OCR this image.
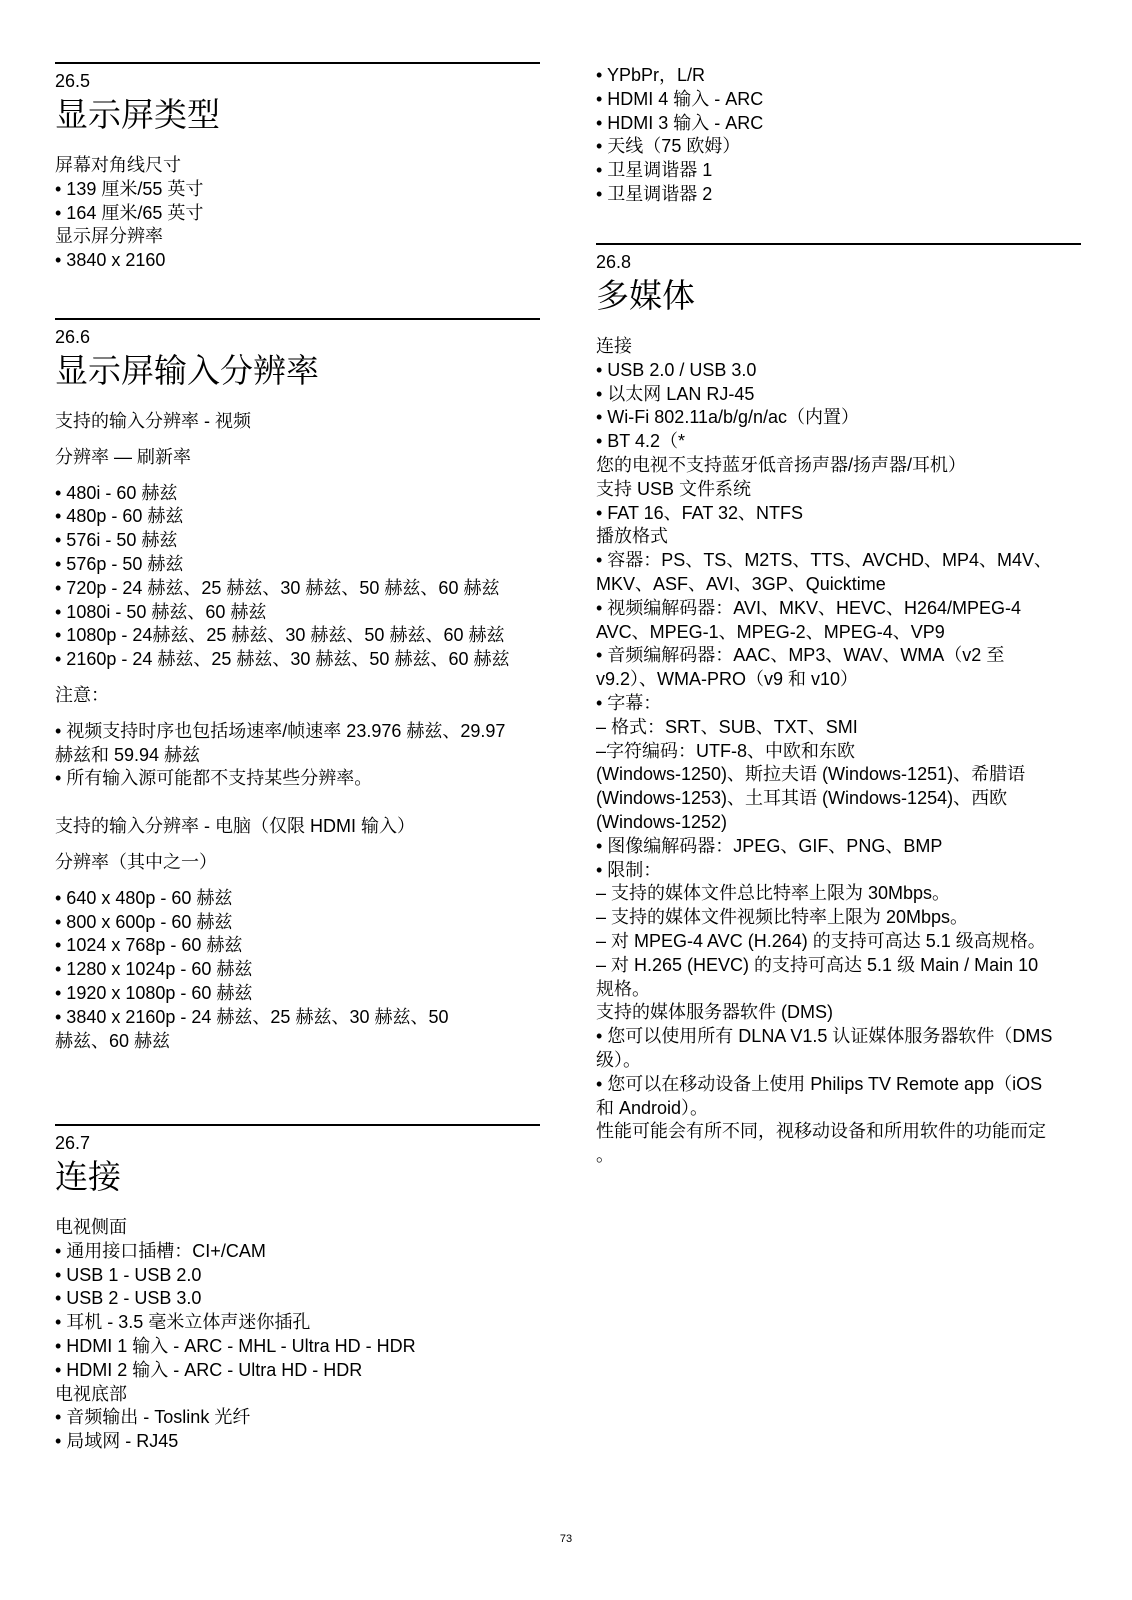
26.5
显示屏类型
屏幕对角线尺寸
• 139 厘米/55 英寸
• 164 厘米/65 英寸
显示屏分辨率
• 3840 x 2160
26.6
显示屏输入分辨率
支持的输入分辨率 - 视频
分辨率 — 刷新率
• 480i - 60 赫兹
• 480p - 60 赫兹
• 576i - 50 赫兹
• 576p - 50 赫兹
• 720p - 24 赫兹、25 赫兹、30 赫兹、50 赫兹、60 赫兹
• 1080i - 50 赫兹、60 赫兹
• 1080p - 24赫兹、25 赫兹、30 赫兹、50 赫兹、60 赫兹
• 2160p - 24 赫兹、25 赫兹、30 赫兹、50 赫兹、60 赫兹
注意：
• 视频支持时序也包括场速率/帧速率 23.976 赫兹、29.97
赫兹和 59.94 赫兹
• 所有输入源可能都不支持某些分辨率。
支持的输入分辨率 - 电脑（仅限 HDMI 输入）
分辨率（其中之一）
• 640 x 480p - 60 赫兹
• 800 x 600p - 60 赫兹
• 1024 x 768p - 60 赫兹
• 1280 x 1024p - 60 赫兹
• 1920 x 1080p - 60 赫兹
• 3840 x 2160p - 24 赫兹、25 赫兹、30 赫兹、50
赫兹、60 赫兹
26.7
连接
电视侧面
• 通用接口插槽：CI+/CAM
• USB 1 - USB 2.0
• USB 2 - USB 3.0
• 耳机 - 3.5 毫米立体声迷你插孔
• HDMI 1 输入 - ARC - MHL - Ultra HD - HDR
• HDMI 2 输入 - ARC - Ultra HD - HDR
电视底部
• 音频输出 - Toslink 光纤
• 局域网 - RJ45
• YPbPr，L/R
• HDMI 4 输入 - ARC
• HDMI 3 输入 - ARC
• 天线（75 欧姆）
• 卫星调谐器 1
• 卫星调谐器 2
26.8
多媒体
连接
• USB 2.0 / USB 3.0
• 以太网 LAN RJ-45
• Wi-Fi 802.11a/b/g/n/ac（内置）
• BT 4.2（*
您的电视不支持蓝牙低音扬声器/扬声器/耳机）
支持 USB 文件系统
• FAT 16、FAT 32、NTFS
播放格式
• 容器：PS、TS、M2TS、TTS、AVCHD、MP4、M4V、
MKV、ASF、AVI、3GP、Quicktime
• 视频编解码器：AVI、MKV、HEVC、H264/MPEG-4
AVC、MPEG-1、MPEG-2、MPEG-4、VP9
• 音频编解码器：AAC、MP3、WAV、WMA（v2 至
v9.2）、WMA-PRO（v9 和 v10）
• 字幕：
– 格式：SRT、SUB、TXT、SMI
–字符编码：UTF-8、中欧和东欧
(Windows-1250)、斯拉夫语 (Windows-1251)、希腊语
(Windows-1253)、土耳其语 (Windows-1254)、西欧
(Windows-1252)
• 图像编解码器：JPEG、GIF、PNG、BMP
• 限制：
– 支持的媒体文件总比特率上限为 30Mbps。
– 支持的媒体文件视频比特率上限为 20Mbps。
– 对 MPEG-4 AVC (H.264) 的支持可高达 5.1 级高规格。
– 对 H.265 (HEVC) 的支持可高达 5.1 级 Main / Main 10
规格。
支持的媒体服务器软件 (DMS)
• 您可以使用所有 DLNA V1.5 认证媒体服务器软件（DMS
级）。
• 您可以在移动设备上使用 Philips TV Remote app（iOS
和 Android）。
性能可能会有所不同，视移动设备和所用软件的功能而定
。
73
